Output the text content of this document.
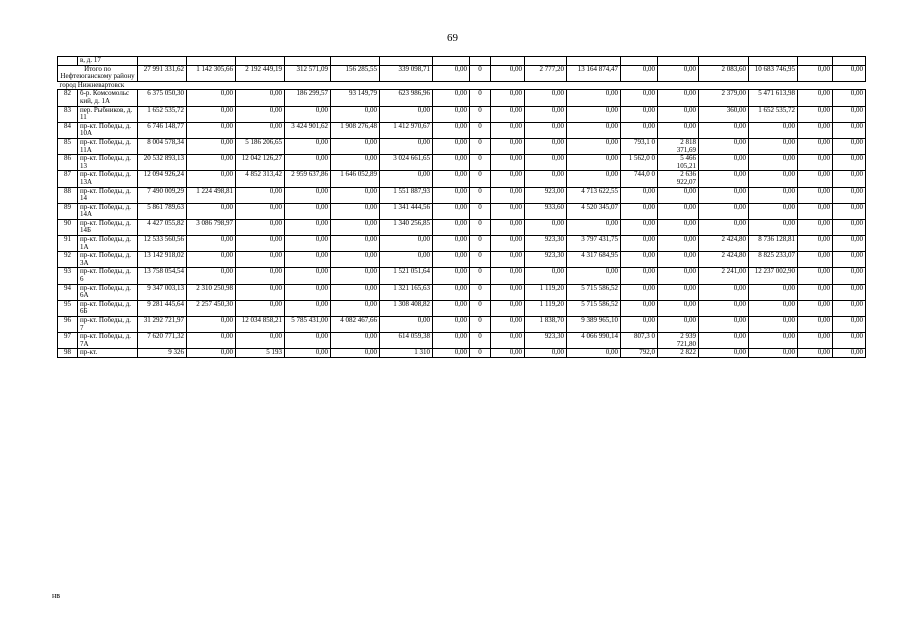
69
	в, д. 17																	
Итого по Нефтеюганскому району		27 991 331,62	1 142 305,66	2 192 449,19	312 571,09	156 285,55	339 098,71	0,00	0	0,00	2 777,20	13 164 874,47	0,00	0,00	2 083,60	10 683 746,95	0,00	0,00
город Нижневартовск																		
82	б-р. Комсомольс кий, д. 1А	6 375 050,30	0,00	0,00	186 299,57	93 149,79	623 986,96	0,00	0	0,00	0,00	0,00	0,00	0,00	2 379,00	5 471 613,98	0,00	0,00
83	пер. Рыбников, д. 11	1 652 535,72	0,00	0,00	0,00	0,00	0,00	0,00	0	0,00	0,00	0,00	0,00	0,00	360,00	1 652 535,72	0,00	0,00
84	пр-кт. Победы, д. 10А	6 746 148,77	0,00	0,00	3 424 901,62	1 908 276,48	1 412 970,67	0,00	0	0,00	0,00	0,00	0,00	0,00	0,00	0,00	0,00	0,00
85	пр-кт. Победы, д. 11А	8 004 578,34	0,00	5 186 206,65	0,00	0,00	0,00	0,00	0	0,00	0,00	0,00	793,1 0	2 818 371,69	0,00	0,00	0,00	0,00
86	пр-кт. Победы, д. 13	20 532 893,13	0,00	12 042 126,27	0,00	0,00	3 024 661,65	0,00	0	0,00	0,00	0,00	1 562,0 0	5 466 105,21	0,00	0,00	0,00	0,00
87	пр-кт. Победы, д. 13А	12 094 926,24	0,00	4 852 313,42	2 959 637,86	1 646 052,89	0,00	0,00	0	0,00	0,00	0,00	744,0 0	2 636 922,07	0,00	0,00	0,00	0,00
88	пр-кт. Победы, д. 14	7 490 009,29	1 224 498,81	0,00	0,00	0,00	1 551 887,93	0,00	0	0,00	923,00	4 713 622,55	0,00	0,00	0,00	0,00	0,00	0,00
89	пр-кт. Победы, д. 14А	5 861 789,63	0,00	0,00	0,00	0,00	1 341 444,56	0,00	0	0,00	933,60	4 520 345,07	0,00	0,00	0,00	0,00	0,00	0,00
90	пр-кт. Победы, д. 14Б	4 427 055,82	3 086 798,97	0,00	0,00	0,00	1 340 256,85	0,00	0	0,00	0,00	0,00	0,00	0,00	0,00	0,00	0,00	0,00
91	пр-кт. Победы, д. 1А	12 533 560,56	0,00	0,00	0,00	0,00	0,00	0,00	0	0,00	923,30	3 797 431,75	0,00	0,00	2 424,80	8 736 128,81	0,00	0,00
92	пр-кт. Победы, д. 3А	13 142 918,02	0,00	0,00	0,00	0,00	0,00	0,00	0	0,00	923,30	4 317 684,95	0,00	0,00	2 424,80	8 825 233,07	0,00	0,00
93	пр-кт. Победы, д. 6	13 758 054,54	0,00	0,00	0,00	0,00	1 521 051,64	0,00	0	0,00	0,00	0,00	0,00	0,00	2 241,00	12 237 002,90	0,00	0,00
94	пр-кт. Победы, д. 6А	9 347 003,13	2 310 250,98	0,00	0,00	0,00	1 321 165,63	0,00	0	0,00	1 119,20	5 715 586,52	0,00	0,00	0,00	0,00	0,00	0,00
95	пр-кт. Победы, д. 6Б	9 281 445,64	2 257 450,30	0,00	0,00	0,00	1 308 408,82	0,00	0	0,00	1 119,20	5 715 586,52	0,00	0,00	0,00	0,00	0,00	0,00
96	пр-кт. Победы, д. 7	31 292 721,97	0,00	12 034 858,21	5 785 431,00	4 082 467,66	0,00	0,00	0	0,00	1 838,70	9 389 965,10	0,00	0,00	0,00	0,00	0,00	0,00
97	пр-кт. Победы, д. 7А	7 620 771,32	0,00	0,00	0,00	0,00	614 059,38	0,00	0	0,00	923,30	4 066 990,14	807,3 0	2 939 721,80	0,00	0,00	0,00	0,00
98	пр-кт.	9 326	0,00	5 193	0,00	0,00	1 310	0,00	0	0,00	0,00	0,00	792,0	2 822	0,00	0,00	0,00	0,00
нв
